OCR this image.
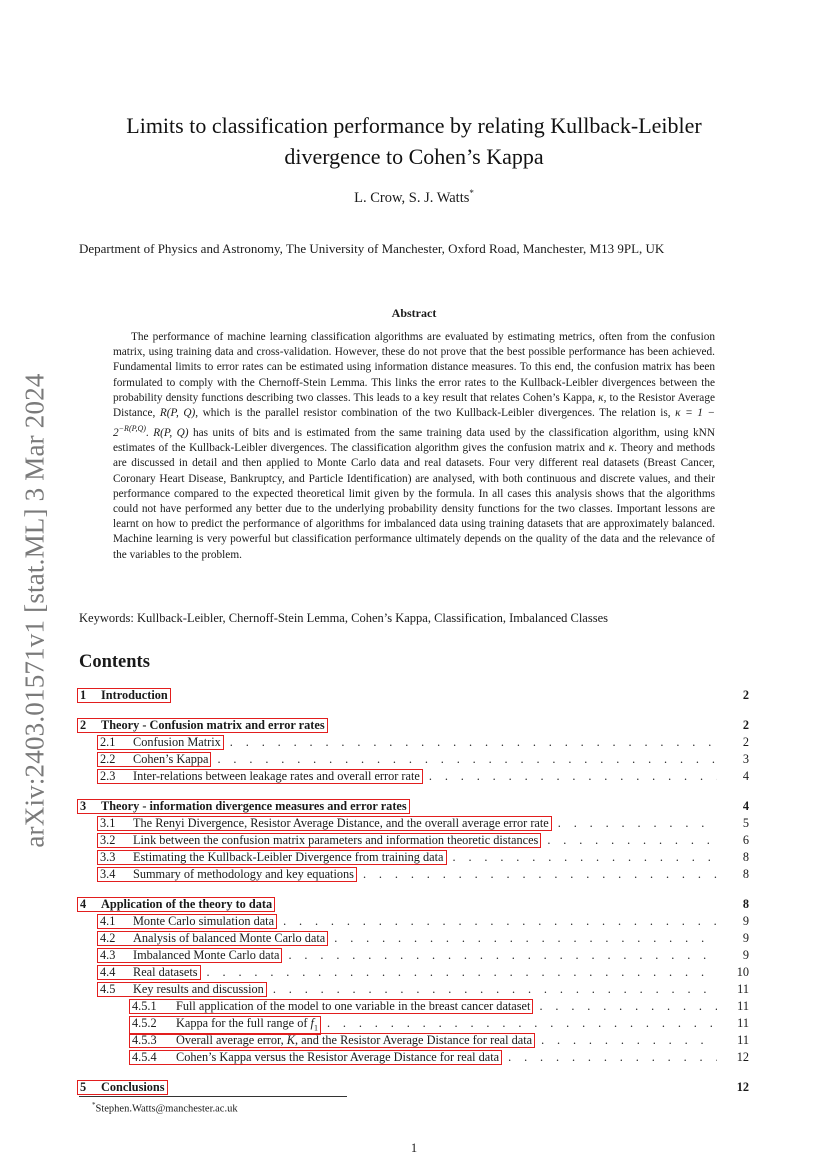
arXiv:2403.01571v1 [stat.ML] 3 Mar 2024
Limits to classification performance by relating Kullback-Leibler
divergence to Cohen’s Kappa
L. Crow, S. J. Watts*
Department of Physics and Astronomy, The University of Manchester, Oxford Road, Manchester, M13 9PL, UK
Abstract

The performance of machine learning classification algorithms are evaluated by estimating metrics, often from the confusion matrix, using training data and cross-validation. However, these do not prove that the best possible performance has been achieved. Fundamental limits to error rates can be estimated using information distance measures. To this end, the confusion matrix has been formulated to comply with the Chernoff-Stein Lemma. This links the error rates to the Kullback-Leibler divergences between the probability density functions describing two classes. This leads to a key result that relates Cohen’s Kappa, κ, to the Resistor Average Distance, R(P, Q), which is the parallel resistor combination of the two Kullback-Leibler divergences. The relation is, $\kappa = 1 - 2^{-R(P,Q)}$. R(P, Q) has units of bits and is estimated from the same training data used by the classification algorithm, using kNN estimates of the Kullback-Leibler divergences. The classification algorithm gives the confusion matrix and κ. Theory and methods are discussed in detail and then applied to Monte Carlo data and real datasets. Four very different real datasets (Breast Cancer, Coronary Heart Disease, Bankruptcy, and Particle Identification) are analysed, with both continuous and discrete values, and their performance compared to the expected theoretical limit given by the formula. In all cases this analysis shows that the algorithms could not have performed any better due to the underlying probability density functions for the two classes. Important lessons are learnt on how to predict the performance of algorithms for imbalanced data using training datasets that are approximately balanced. Machine learning is very powerful but classification performance ultimately depends on the quality of the data and the relevance of the variables to the problem.

Keywords: Kullback-Leibler, Chernoff-Stein Lemma, Cohen’s Kappa, Classification, Imbalanced Classes
Contents
1 Introduction	2
2 Theory - Confusion matrix and error rates	2
2.1 Confusion Matrix . . .	2
2.2 Cohen’s Kappa . . .	3
2.3 Inter-relations between leakage rates and overall error rate . . .	4
3 Theory - information divergence measures and error rates	4
3.1 The Renyi Divergence, Resistor Average Distance, and the overall average error rate . . .	5
3.2 Link between the confusion matrix parameters and information theoretic distances . . .	6
3.3 Estimating the Kullback-Leibler Divergence from training data . . .	8
3.4 Summary of methodology and key equations . . .	8
4 Application of the theory to data	8
4.1 Monte Carlo simulation data . . .	9
4.2 Analysis of balanced Monte Carlo data . . .	9
4.3 Imbalanced Monte Carlo data . . .	9
4.4 Real datasets . . .	10
4.5 Key results and discussion . . .	11
4.5.1 Full application of the model to one variable in the breast cancer dataset . . .	11
4.5.2 Kappa for the full range of $f_1$ . . .	11
4.5.3 Overall average error, K, and the Resistor Average Distance for real data . . .	11
4.5.4 Cohen’s Kappa versus the Resistor Average Distance for real data . . .	12
5 Conclusions	12
*Stephen.Watts@manchester.ac.uk
1
